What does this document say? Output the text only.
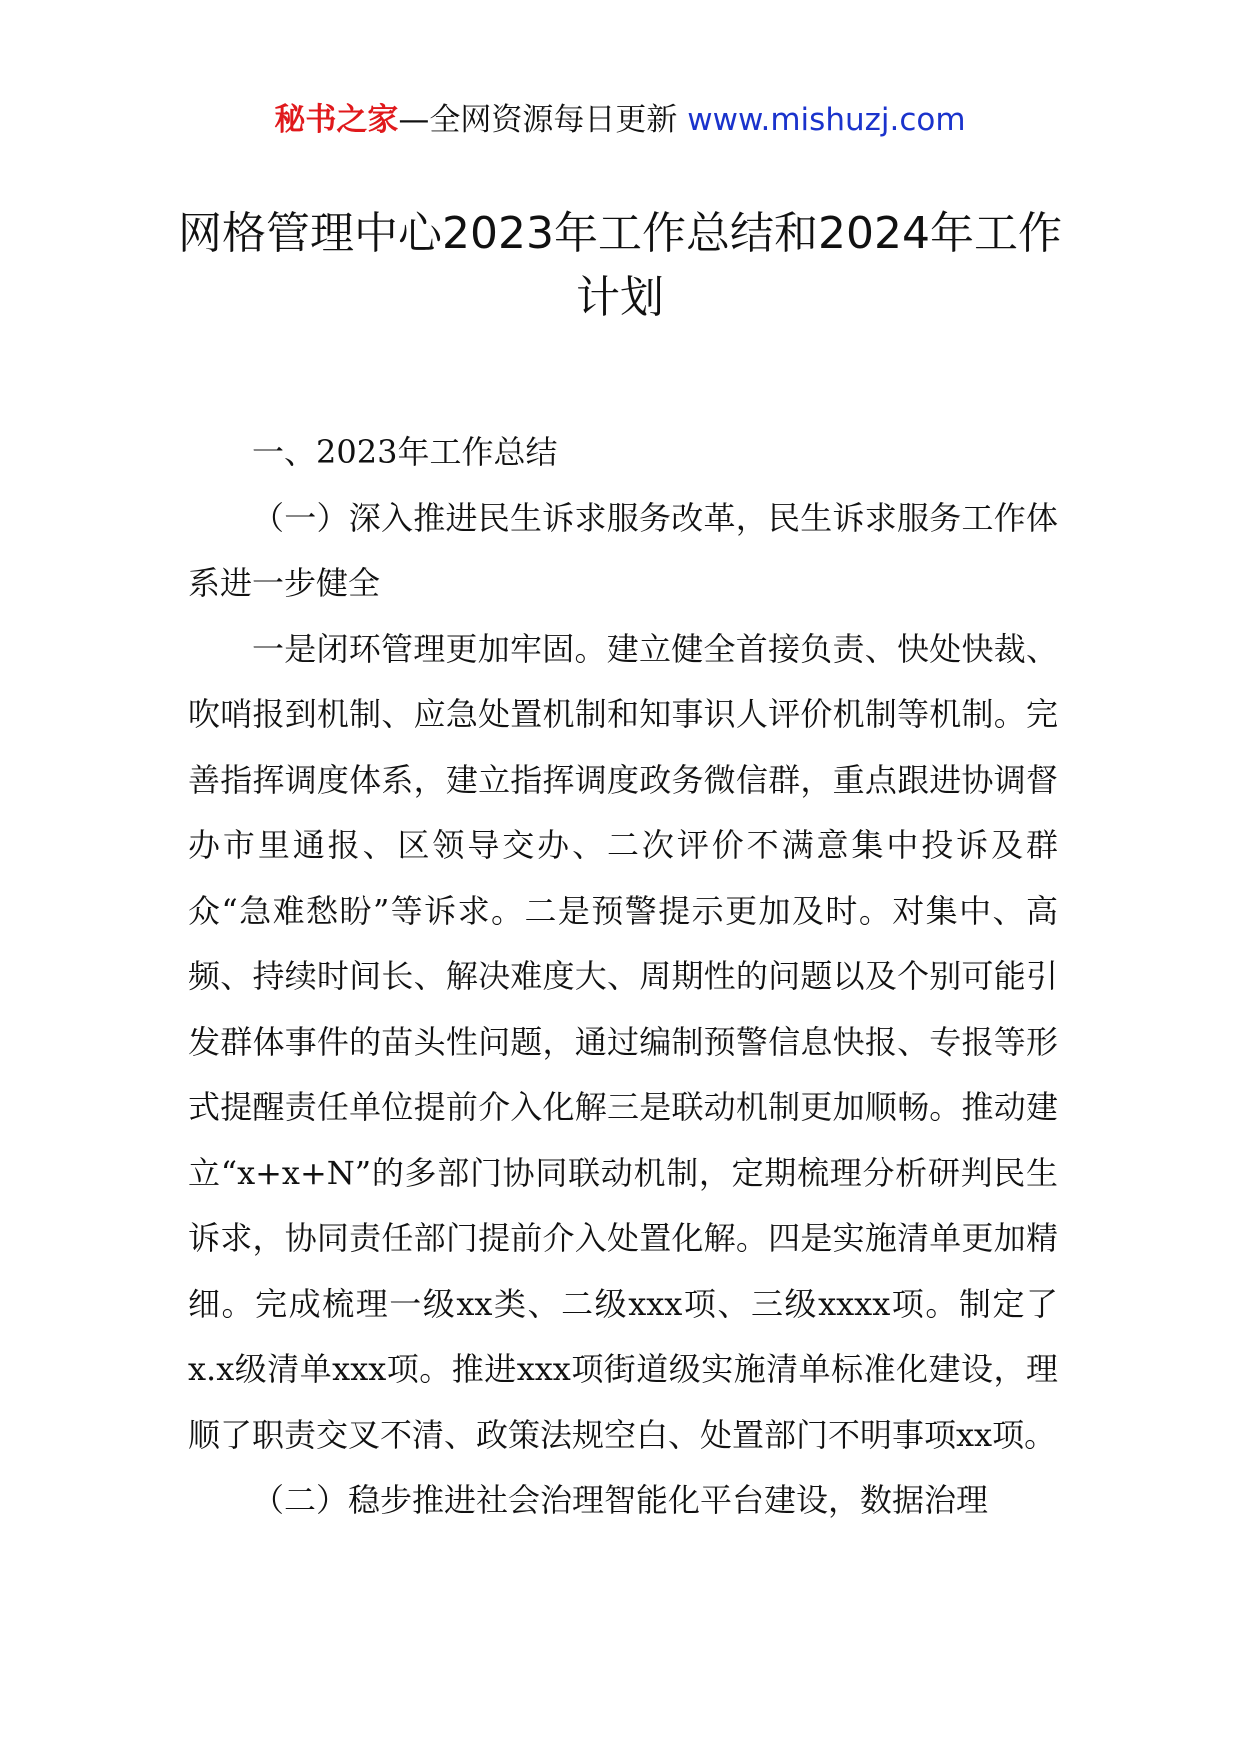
秘书之家—全网资源每日更新 www.mishuzj.com
网格管理中心2023年工作总结和2024年工作计划

一、2023年工作总结

（一）深入推进民生诉求服务改革，民生诉求服务工作体系进一步健全

一是闭环管理更加牢固。建立健全首接负责、快处快裁、吹哨报到机制、应急处置机制和知事识人评价机制等机制。完善指挥调度体系，建立指挥调度政务微信群，重点跟进协调督办市里通报、区领导交办、二次评价不满意集中投诉及群众“急难愁盼”等诉求。二是预警提示更加及时。对集中、高频、持续时间长、解决难度大、周期性的问题以及个别可能引发群体事件的苗头性问题，通过编制预警信息快报、专报等形式提醒责任单位提前介入化解三是联动机制更加顺畅。推动建立“x+x+N”的多部门协同联动机制，定期梳理分析研判民生诉求，协同责任部门提前介入处置化解。四是实施清单更加精细。完成梳理一级xx类、二级xxx项、三级xxxx项。制定了x.x级清单xxx项。推进xxx项街道级实施清单标准化建设，理顺了职责交叉不清、政策法规空白、处置部门不明事项xx项。

（二）稳步推进社会治理智能化平台建设，数据治理
